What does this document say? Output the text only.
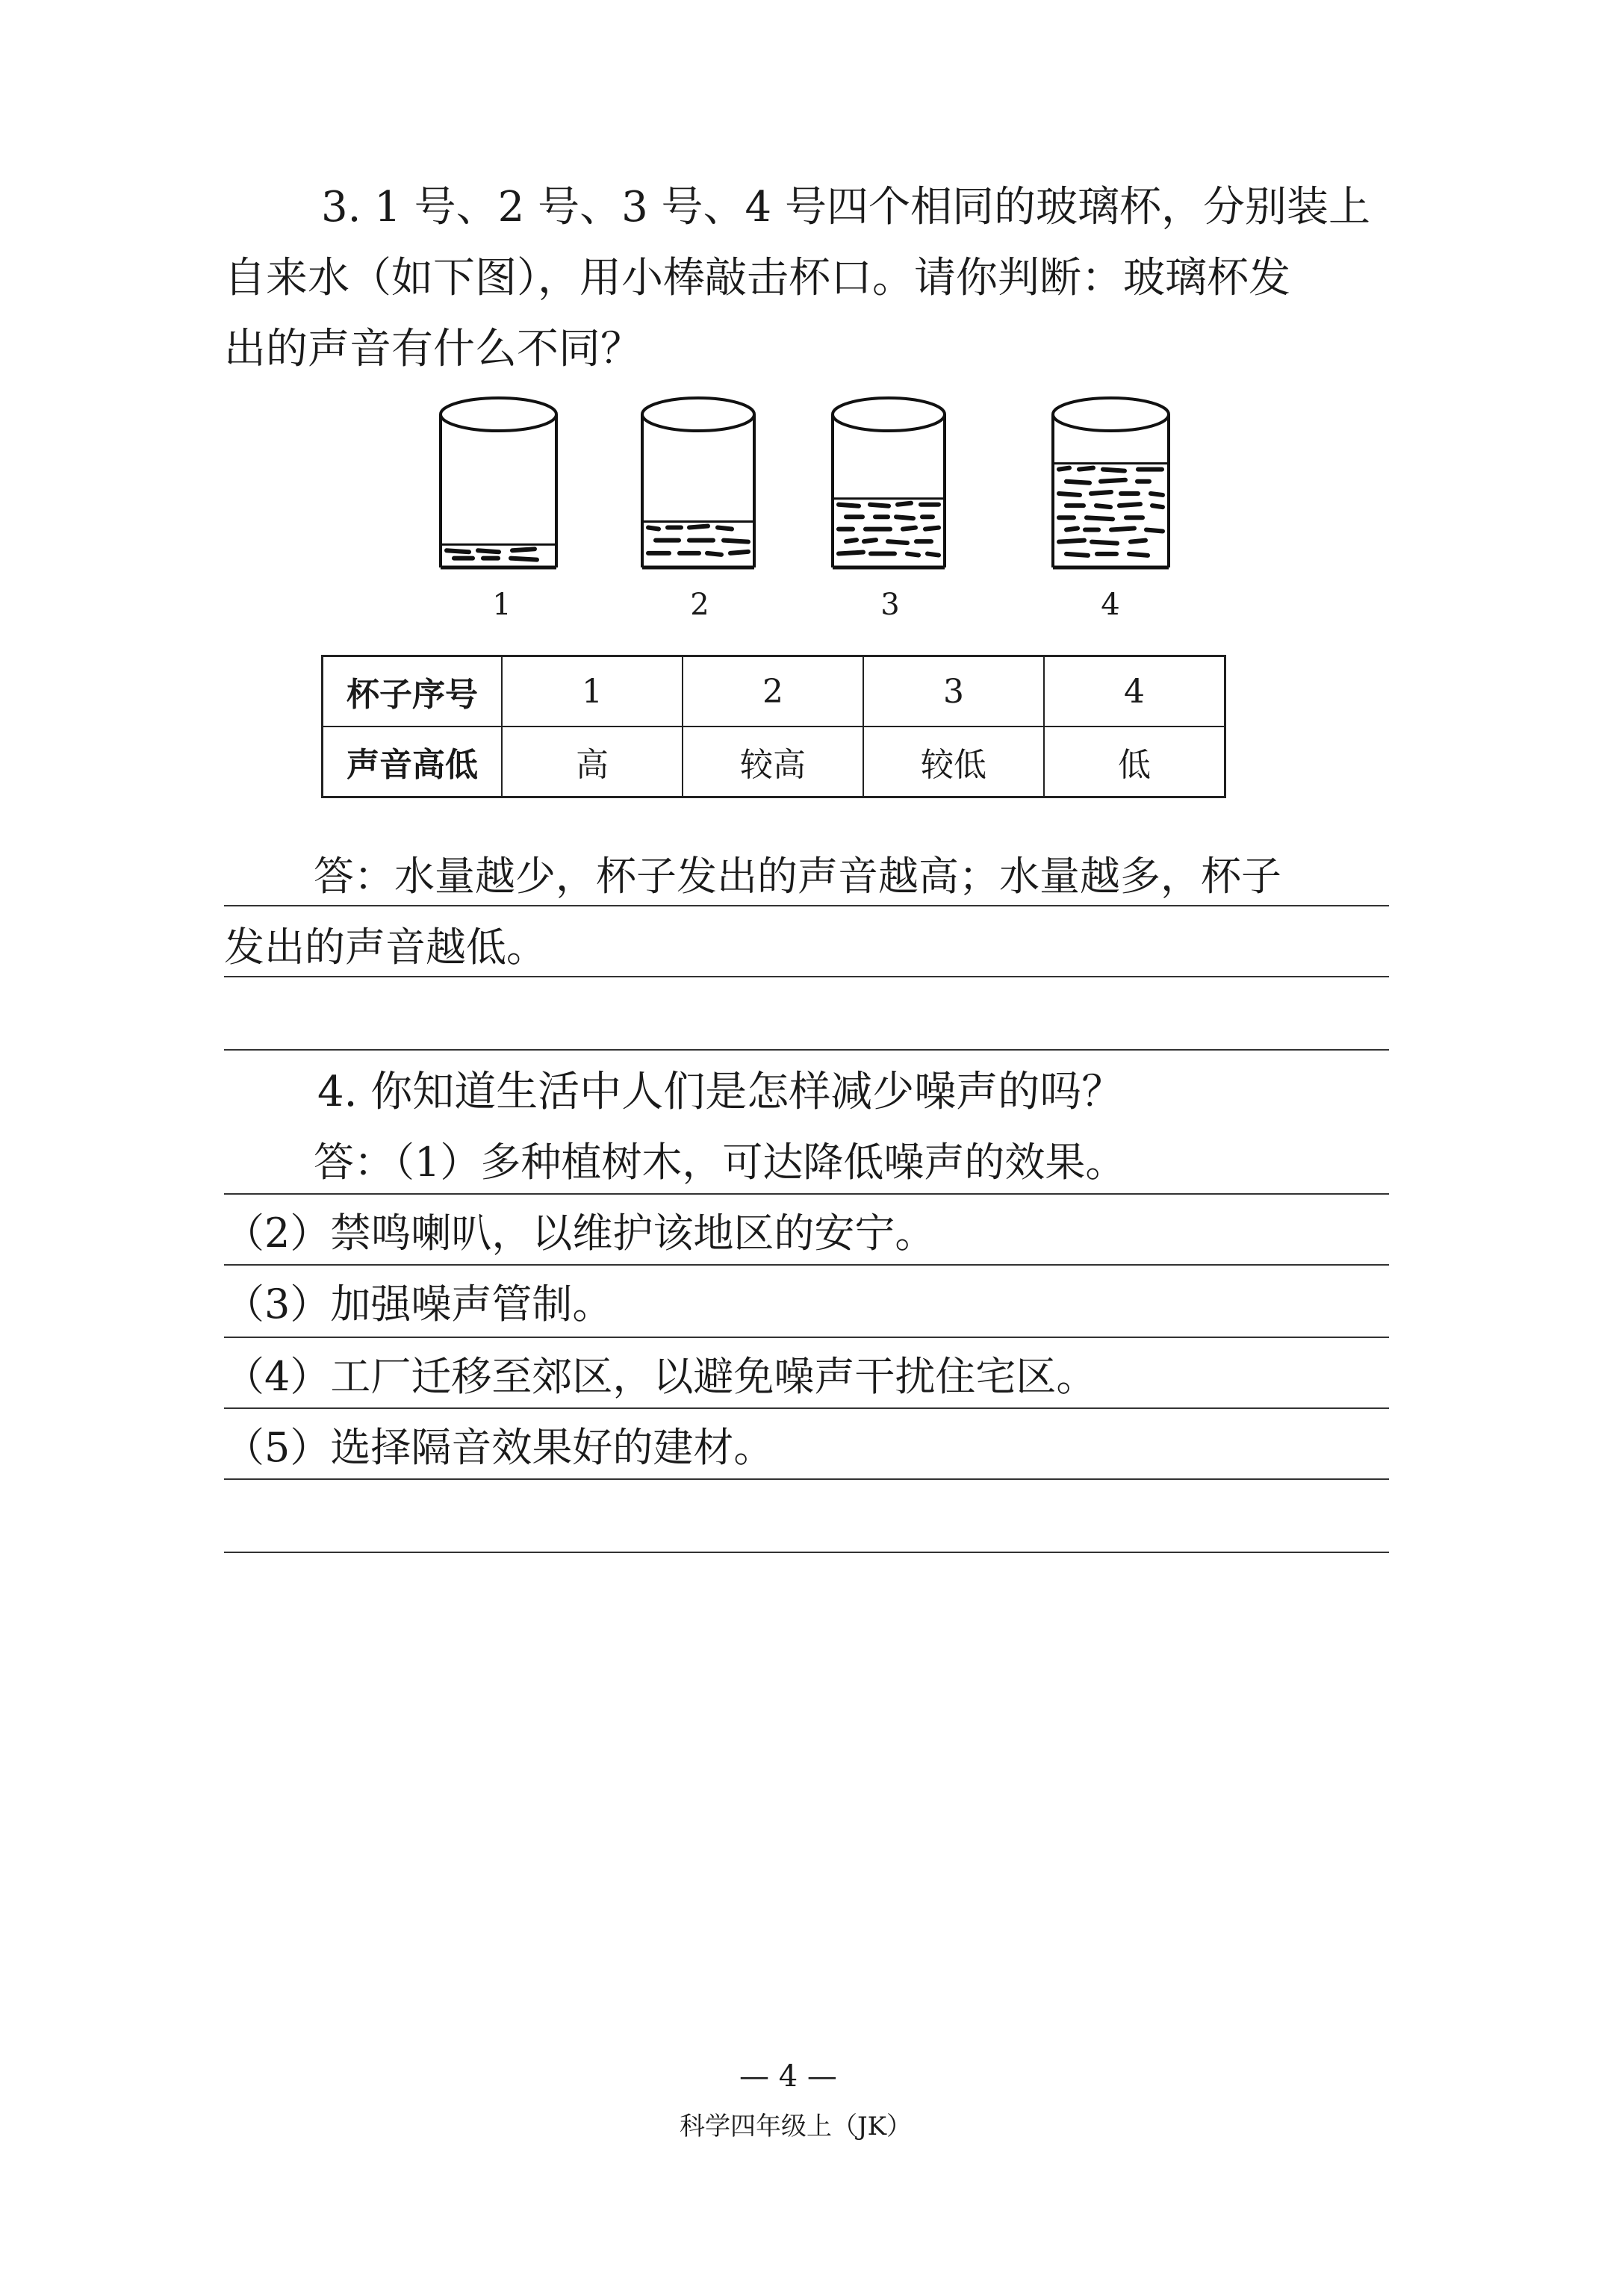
3. 1 号、2 号、3 号、4 号四个相同的玻璃杯，分别装上
自来水（如下图），用小棒敲击杯口。请你判断：玻璃杯发
出的声音有什么不同？
1	2	3	4
杯子序号	1	2	3	4
声音高低	高	较高	较低	低
答：水量越少，杯子发出的声音越高；水量越多，杯子
发出的声音越低。
4. 你知道生活中人们是怎样减少噪声的吗？
答：（1）多种植树木，可达降低噪声的效果。
（2）禁鸣喇叭，以维护该地区的安宁。
（3）加强噪声管制。
（4）工厂迁移至郊区，以避免噪声干扰住宅区。
（5）选择隔音效果好的建材。
— 4 —
科学四年级上（JK）
